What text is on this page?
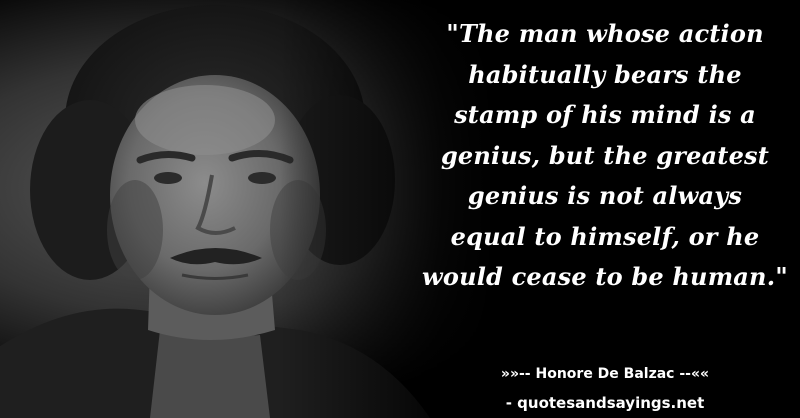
"The man whose action
habitually bears the
stamp of his mind is a
genius, but the greatest
genius is not always
equal to himself, or he
would cease to be human."
»»-- Honore De Balzac --««
- quotesandsayings.net
